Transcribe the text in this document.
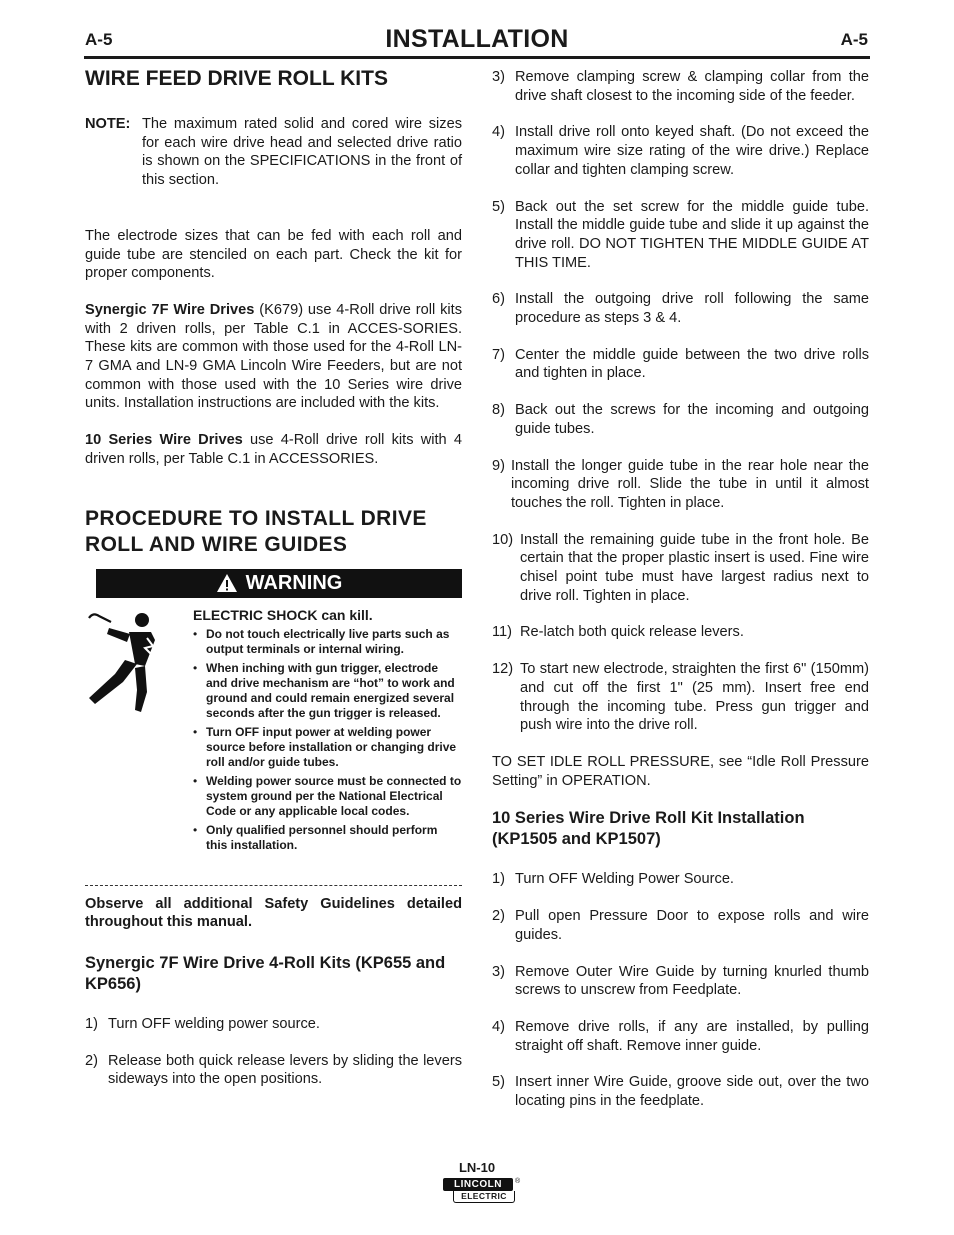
A-5	A-5
INSTALLATION
WIRE FEED DRIVE ROLL KITS
NOTE: The maximum rated solid and cored wire sizes for each wire drive head and selected drive ratio is shown on the SPECIFICATIONS in the front of this section.

The electrode sizes that can be fed with each roll and guide tube are stenciled on each part. Check the kit for proper components.

Synergic 7F Wire Drives (K679) use 4-Roll drive roll kits with 2 driven rolls, per Table C.1 in ACCES-SORIES. These kits are common with those used for the 4-Roll LN-7 GMA and LN-9 GMA Lincoln Wire Feeders, but are not common with those used with the 10 Series wire drive units. Installation instructions are included with the kits.

10 Series Wire Drives use 4-Roll drive roll kits with 4 driven rolls, per Table C.1 in ACCESSORIES.

PROCEDURE TO INSTALL DRIVE ROLL AND WIRE GUIDES
WARNING
ELECTRIC SHOCK can kill.
• Do not touch electrically live parts such as output terminals or internal wiring.
• When inching with gun trigger, electrode and drive mechanism are “hot” to work and ground and could remain energized several seconds after the gun trigger is released.
• Turn OFF input power at welding power source before installation or changing drive roll and/or guide tubes.
• Welding power source must be connected to system ground per the National Electrical Code or any applicable local codes.
• Only qualified personnel should perform this installation.

Observe all additional Safety Guidelines detailed throughout this manual.

Synergic 7F Wire Drive 4-Roll Kits (KP655 and KP656)
1) Turn OFF welding power source.
2) Release both quick release levers by sliding the levers sideways into the open positions.
3) Remove clamping screw & clamping collar from the drive shaft closest to the incoming side of the feeder.
4) Install drive roll onto keyed shaft. (Do not exceed the maximum wire size rating of the wire drive.) Replace collar and tighten clamping screw.
5) Back out the set screw for the middle guide tube. Install the middle guide tube and slide it up against the drive roll. DO NOT TIGHTEN THE MIDDLE GUIDE AT THIS TIME.
6) Install the outgoing drive roll following the same procedure as steps 3 & 4.
7) Center the middle guide between the two drive rolls and tighten in place.
8) Back out the screws for the incoming and outgoing guide tubes.
9) Install the longer guide tube in the rear hole near the incoming drive roll. Slide the tube in until it almost touches the roll. Tighten in place.
10) Install the remaining guide tube in the front hole. Be certain that the proper plastic insert is used. Fine wire chisel point tube must have largest radius next to drive roll. Tighten in place.
11) Re-latch both quick release levers.
12) To start new electrode, straighten the first 6" (150mm) and cut off the first 1" (25 mm). Insert free end through the incoming tube. Press gun trigger and push wire into the drive roll.

TO SET IDLE ROLL PRESSURE, see “Idle Roll Pressure Setting” in OPERATION.

10 Series Wire Drive Roll Kit Installation (KP1505 and KP1507)
1) Turn OFF Welding Power Source.
2) Pull open Pressure Door to expose rolls and wire guides.
3) Remove Outer Wire Guide by turning knurled thumb screws to unscrew from Feedplate.
4) Remove drive rolls, if any are installed, by pulling straight off shaft. Remove inner guide.
5) Insert inner Wire Guide, groove side out, over the two locating pins in the feedplate.
LN-10
LINCOLN	®
ELECTRIC
